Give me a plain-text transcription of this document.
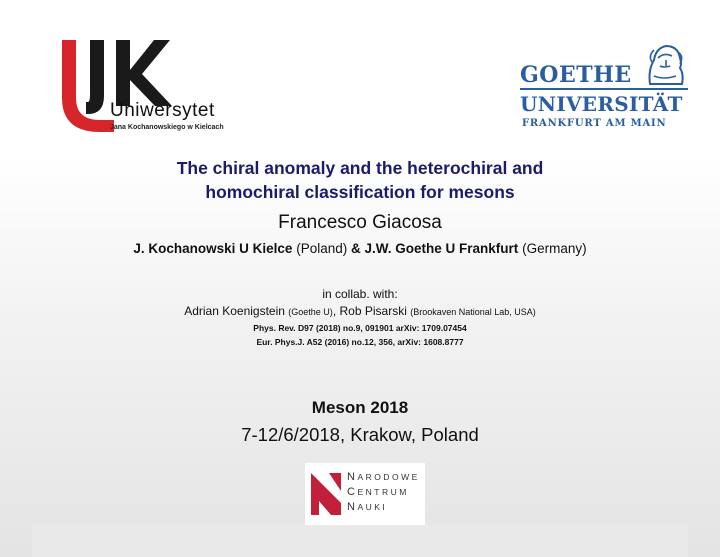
Uniwersytet
Jana Kochanowskiego w Kielcach
GOETHE
UNIVERSITÄT
FRANKFURT AM MAIN
The chiral anomaly and the heterochiral and
homochiral classification for mesons
Francesco Giacosa
J. Kochanowski U Kielce (Poland) & J.W. Goethe U Frankfurt (Germany)
in collab. with:
Adrian Koenigstein (Goethe U), Rob Pisarski (Brookaven National Lab, USA)
Phys. Rev. D97 (2018) no.9, 091901 arXiv: 1709.07454
Eur. Phys.J. A52 (2016) no.12, 356, arXiv: 1608.8777
Meson 2018
7-12/6/2018, Krakow, Poland
NARODOWE
CENTRUM
NAUKI
